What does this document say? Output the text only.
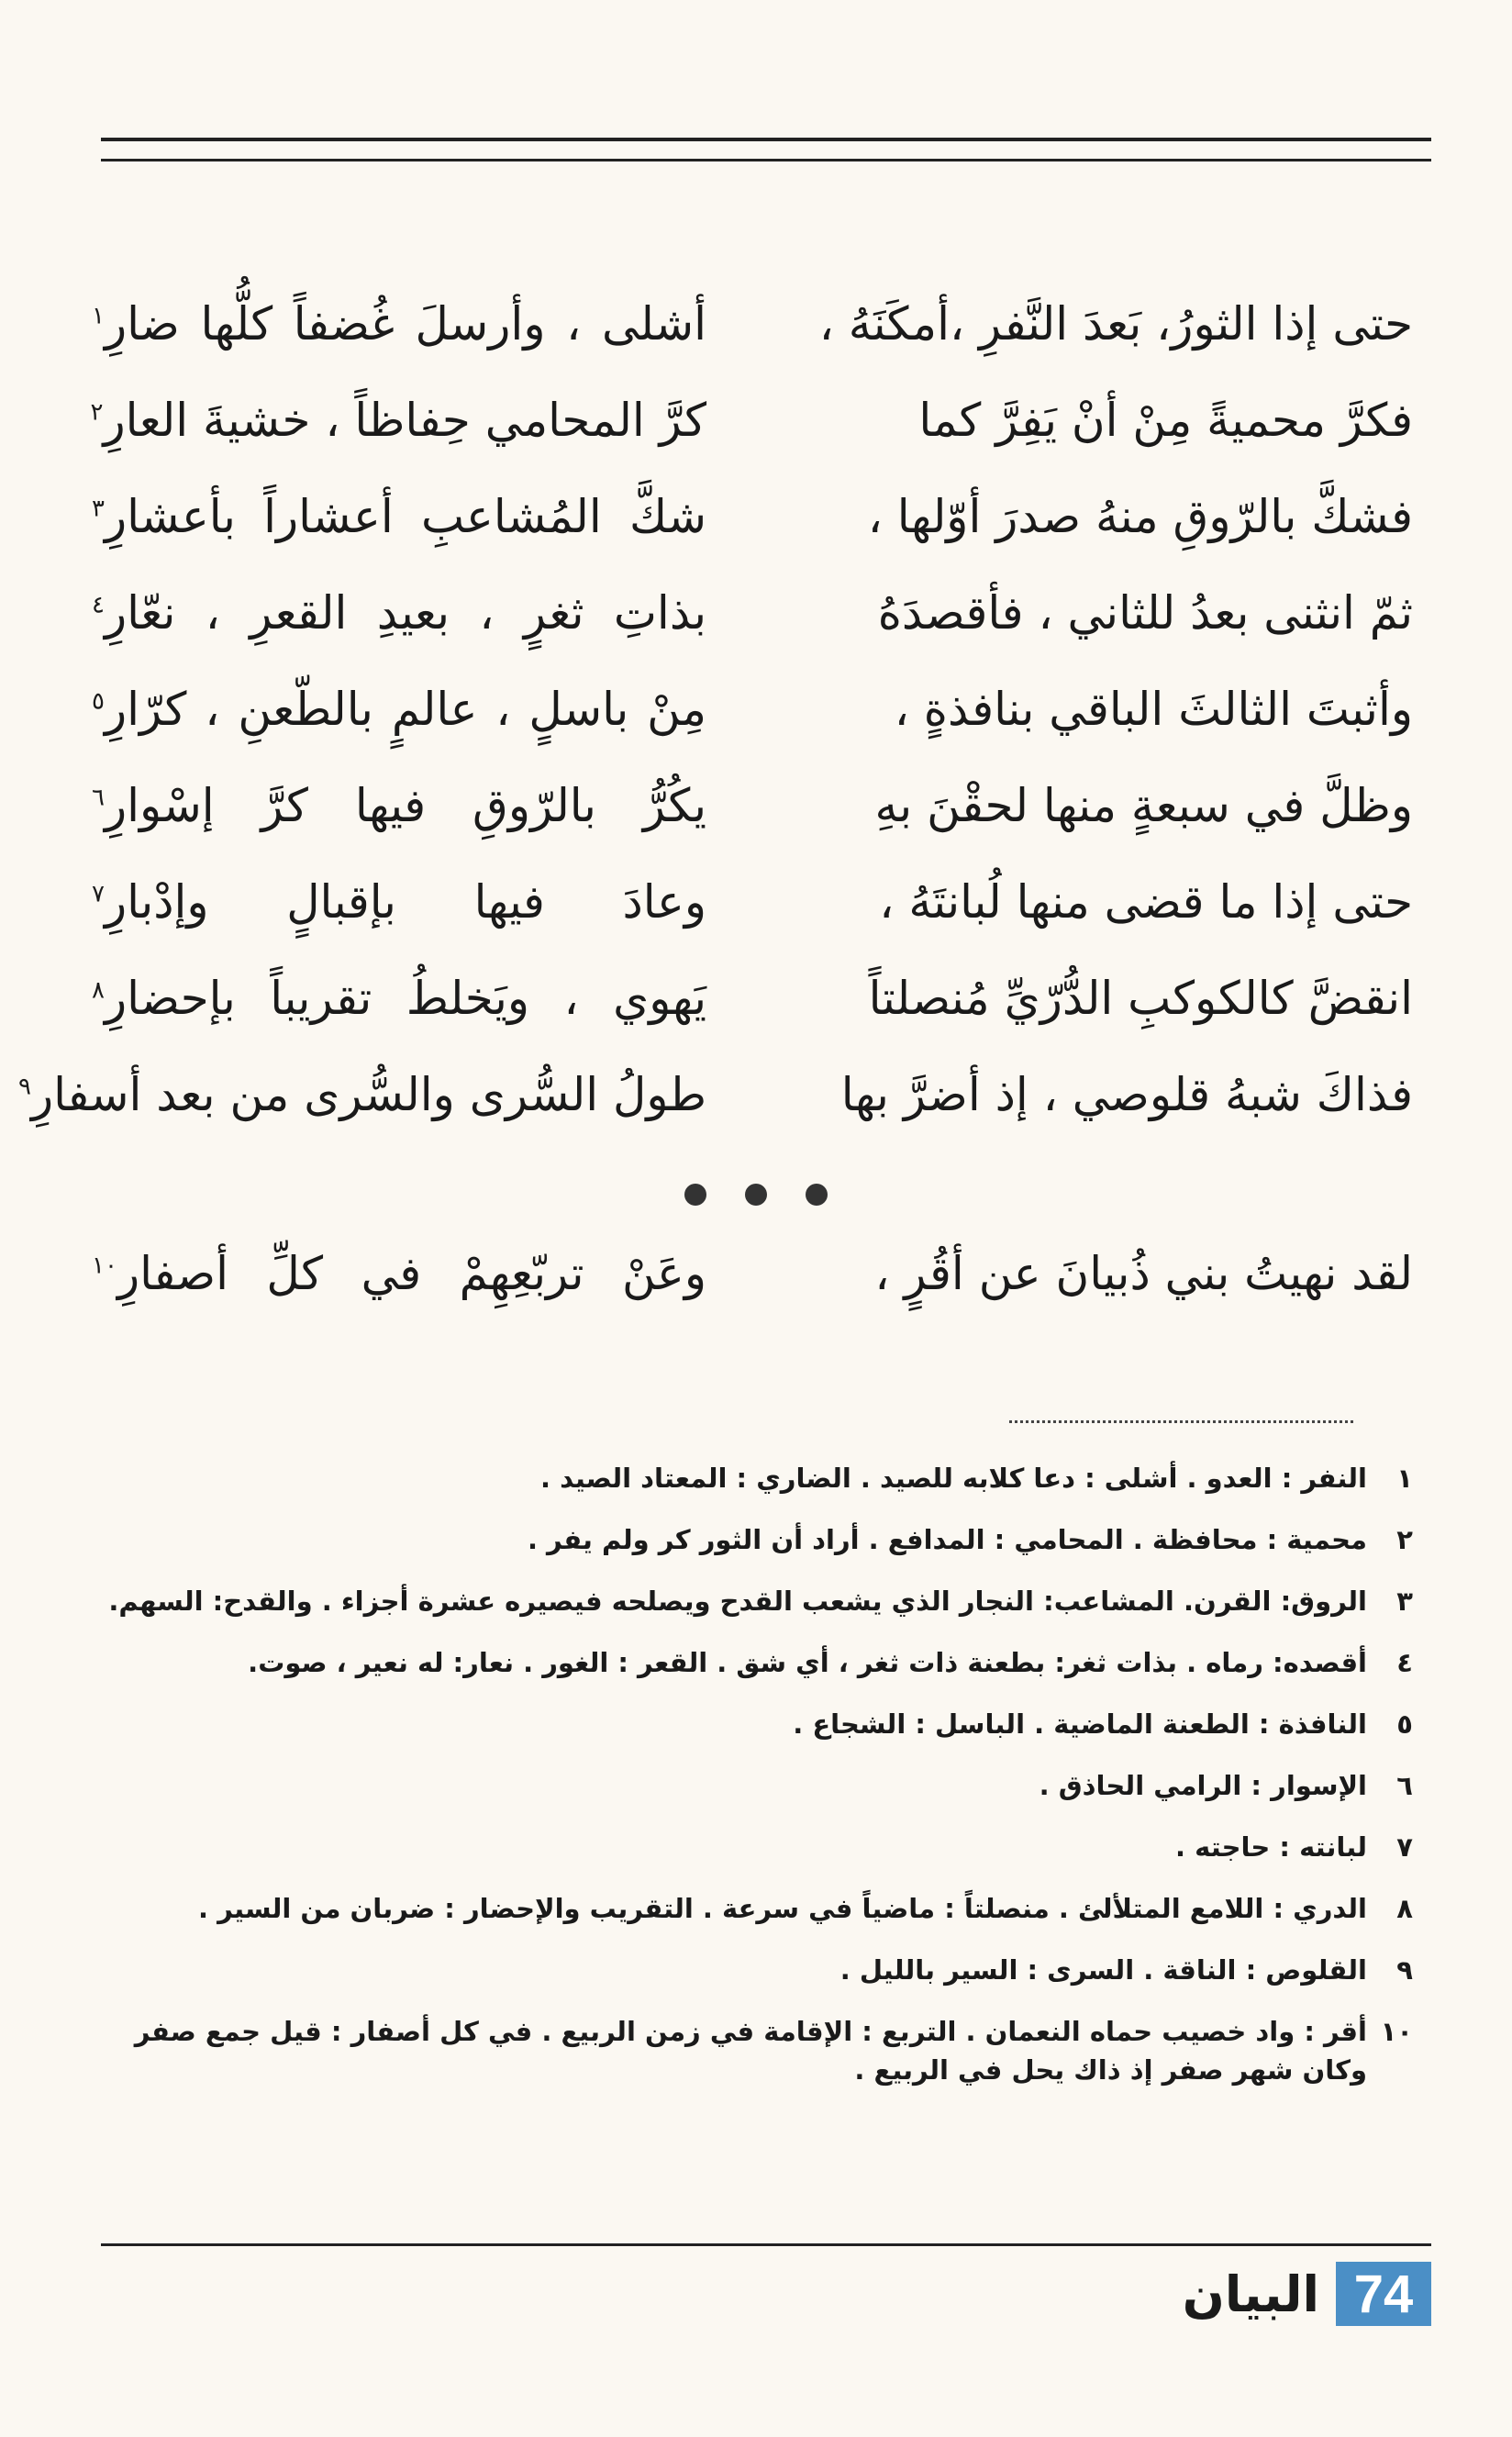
حتى إذا الثورُ، بَعدَ النَّفرِ ،أمكَنَهُ ،
أشلى ، وأرسلَ غُضفاً كلُّها ضارِ$^١$
فكرَّ محميةً مِنْ أنْ يَفِرَّ كما
كرَّ المحامي حِفاظاً ، خشيةَ العارِ$^٢$
فشكَّ بالرّوقِ منهُ صدرَ أوّلها ،
شكَّ المُشاعبِ أعشاراً بأعشارِ$^٣$
ثمّ انثنى بعدُ للثاني ، فأقصدَهُ
بذاتِ ثغرٍ ، بعيدِ القعرِ ، نعّارِ$^٤$
وأثبتَ الثالثَ الباقي بنافذةٍ ،
مِنْ باسلٍ ، عالمٍ بالطّعنِ ، كرّارِ$^٥$
وظلَّ في سبعةٍ منها لحقْنَ بهِ
يكُرُّ بالرّوقِ فيها كرَّ إسْوارِ$^٦$
حتى إذا ما قضى منها لُبانتَهُ ،
وعادَ فيها بإقبالٍ وإدْبارِ$^٧$
انقضَّ كالكوكبِ الدُّرّيِّ مُنصلتاً
يَهوي ، ويَخلطُ تقريباً بإحضارِ$^٨$
فذاكَ شبهُ قلوصي ، إذ أضرَّ بها
طولُ السُّرى والسُّرى من بعد أسفارِ$^٩$
لقد نهيتُ بني ذُبيانَ عن أقُرٍ ،
وعَنْ تربّعِهِمْ في كلِّ أصفارِ$^{١٠}$
١
النفر : العدو . أشلى : دعا كلابه للصيد . الضاري : المعتاد الصيد .
٢
محمية : محافظة . المحامي : المدافع . أراد أن الثور كر ولم يفر .
٣
الروق: القرن. المشاعب: النجار الذي يشعب القدح ويصلحه فيصيره عشرة أجزاء . والقدح: السهم.
٤
أقصده: رماه . بذات ثغر: بطعنة ذات ثغر ، أي شق . القعر : الغور . نعار: له نعير ، صوت.
٥
النافذة : الطعنة الماضية . الباسل : الشجاع .
٦
الإسوار : الرامي الحاذق .
٧
لبانته : حاجته .
٨
الدري : اللامع المتلألئ . منصلتاً : ماضياً في سرعة . التقريب والإحضار : ضربان من السير .
٩
القلوص : الناقة . السرى : السير بالليل .
١٠
أقر : واد خصيب حماه النعمان . التربع : الإقامة في زمن الربيع . في كل أصفار : قيل جمع صفر وكان شهر صفر إذ ذاك يحل في الربيع .
البيان 74
